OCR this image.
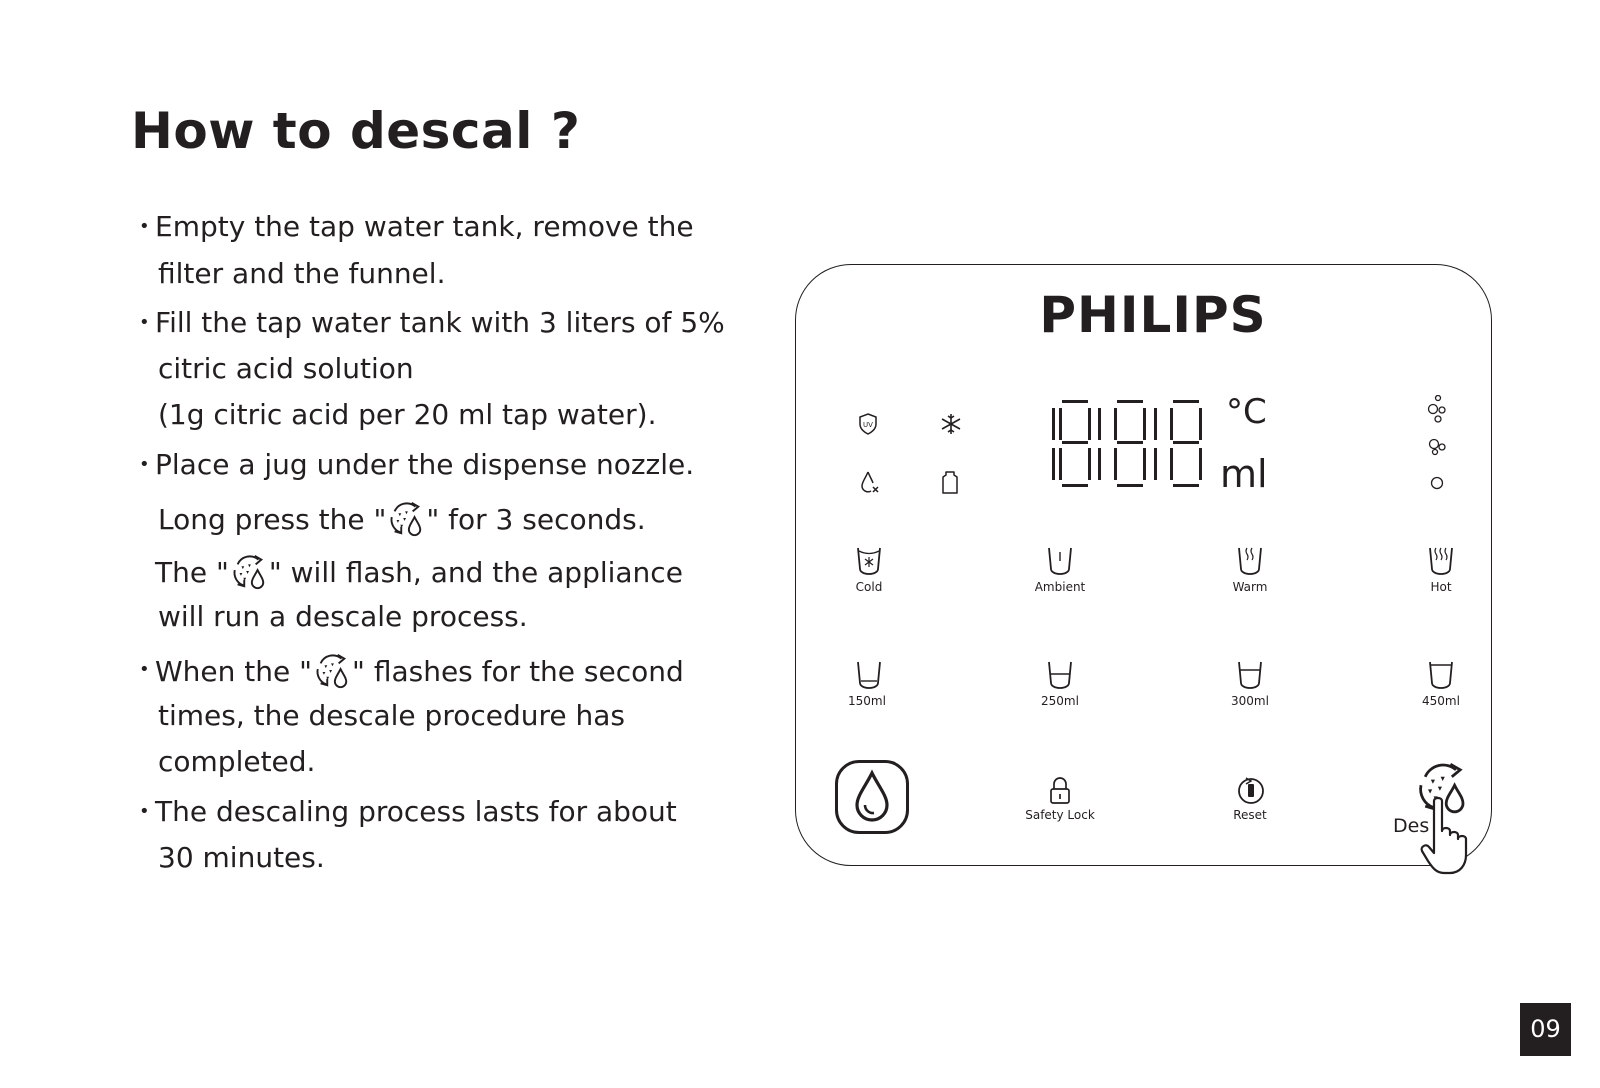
How to descal ?
• Empty the tap water tank, remove the
filter and the funnel.
• Fill the tap water tank with 3 liters of 5%
citric acid solution
(1g citric acid per 20 ml tap water).
• Place a jug under the dispense nozzle.
Long press the " " for 3 seconds.
The " " will flash, and the appliance
will run a descale process.
• When the " " flashes for the second
times, the descale procedure has
completed.
• The descaling process lasts for about
30 minutes.
PHILIPS
UV	°C
ml
Cold	Ambient	Warm	Hot
150ml	250ml	300ml	450ml
Safety Lock	Reset	Des
09
